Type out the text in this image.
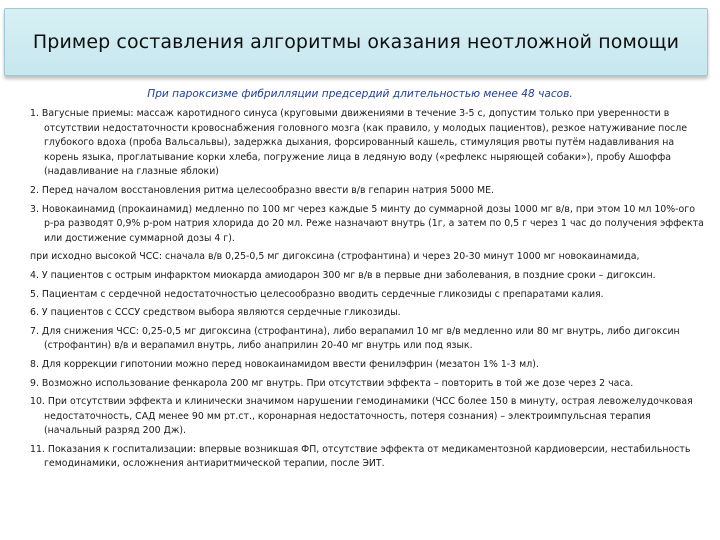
Пример составления алгоритмы оказания неотложной помощи
При пароксизме фибрилляции предсердий длительностью менее 48 часов.
1. Вагусные приемы: массаж каротидного синуса (круговыми движениями в течение 3-5 с, допустим только при уверенности в отсутствии недостаточности кровоснабжения головного мозга (как правило, у молодых пациентов), резкое натуживание после глубокого вдоха (проба Вальсальвы), задержка дыхания, форсированный кашель, стимуляция рвоты путём надавливания на корень языка, проглатывание корки хлеба, погружение лица в ледяную воду («рефлекс ныряющей собаки»), пробу Ашоффа (надавливание на глазные яблоки)
2. Перед началом восстановления ритма целесообразно ввести в/в гепарин натрия 5000 МЕ.
3. Новокаинамид (прокаинамид) медленно по 100 мг через каждые 5 минту до суммарной дозы 1000 мг в/в, при этом 10 мл 10%-ого р-ра разводят 0,9% р-ром натрия хлорида до 20 мл. Реже назначают внутрь (1г, а затем по 0,5 г через 1 час до получения эффекта или достижение суммарной дозы 4 г).
при исходно высокой ЧСС: сначала в/в 0,25-0,5 мг дигоксина (строфантина) и через 20-30 минут 1000 мг новокаинамида,
4. У пациентов с острым инфарктом миокарда амиодарон 300 мг в/в в первые дни заболевания, в поздние сроки – дигоксин.
5. Пациентам с сердечной недостаточностью целесообразно вводить сердечные гликозиды с препаратами калия.
6. У пациентов с СССУ средством выбора являются сердечные гликозиды.
7. Для снижения ЧСС: 0,25-0,5 мг дигоксина (строфантина), либо верапамил 10 мг в/в медленно или 80 мг внутрь, либо дигоксин (строфантин) в/в и верапамил внутрь, либо анаприлин 20-40 мг внутрь или под язык.
8. Для коррекции гипотонии можно перед новокаинамидом ввести фенилэфрин (мезатон 1% 1-3 мл).
9. Возможно использование фенкарола 200 мг внутрь. При отсутствии эффекта – повторить в той же дозе через 2 часа.
10. При отсутствии эффекта и клинически значимом нарушении гемодинамики (ЧСС более 150 в минуту, острая левожелудочковая недостаточность, САД менее 90 мм рт.ст., коронарная недостаточность, потеря сознания) – электроимпульсная терапия (начальный разряд 200 Дж).
11. Показания к госпитализации: впервые возникшая ФП, отсутствие эффекта от медикаментозной кардиоверсии, нестабильность гемодинамики, осложнения антиаритмической терапии, после ЭИТ.
